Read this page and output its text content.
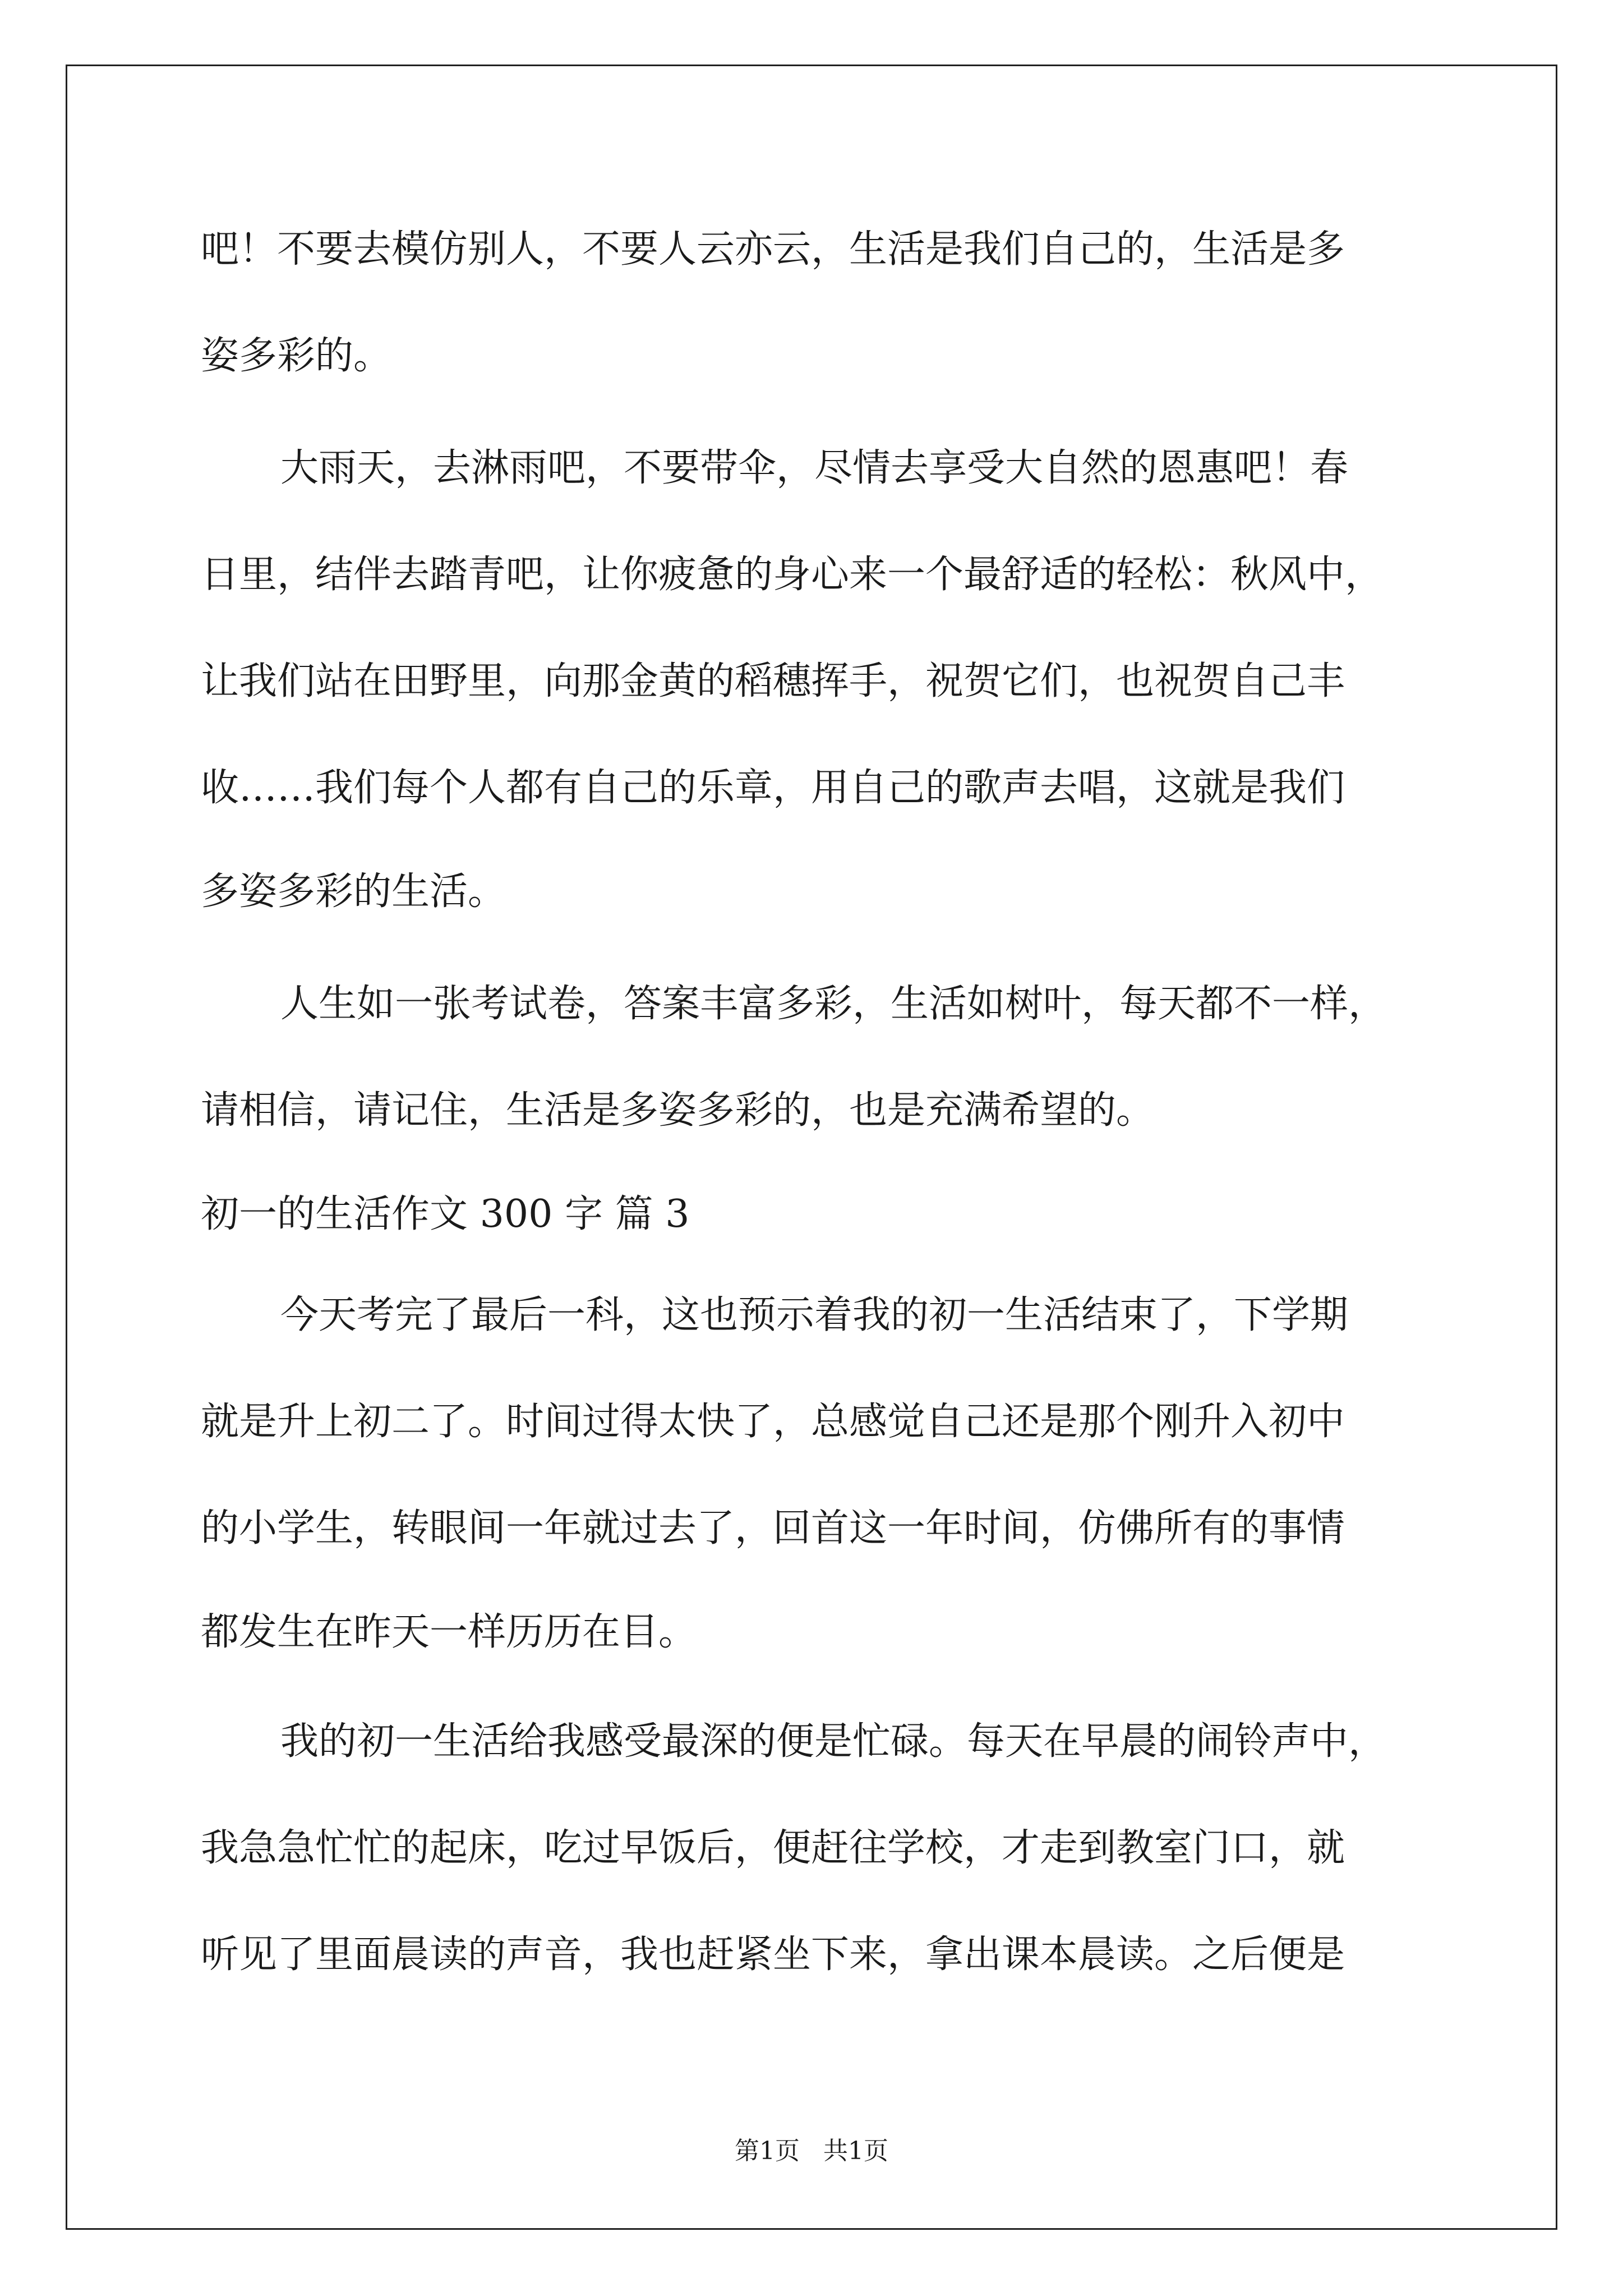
吧！不要去模仿别人，不要人云亦云，生活是我们自己的，生活是多
姿多彩的。
大雨天，去淋雨吧，不要带伞，尽情去享受大自然的恩惠吧！春
日里，结伴去踏青吧，让你疲惫的身心来一个最舒适的轻松：秋风中，
让我们站在田野里，向那金黄的稻穗挥手，祝贺它们，也祝贺自己丰
收……我们每个人都有自己的乐章，用自己的歌声去唱，这就是我们
多姿多彩的生活。
人生如一张考试卷，答案丰富多彩，生活如树叶，每天都不一样，
请相信，请记住，生活是多姿多彩的，也是充满希望的。
初一的生活作文 300 字 篇 3
今天考完了最后一科，这也预示着我的初一生活结束了，下学期
就是升上初二了。时间过得太快了，总感觉自己还是那个刚升入初中
的小学生，转眼间一年就过去了，回首这一年时间，仿佛所有的事情
都发生在昨天一样历历在目。
我的初一生活给我感受最深的便是忙碌。每天在早晨的闹铃声中，
我急急忙忙的起床，吃过早饭后，便赶往学校，才走到教室门口，就
听见了里面晨读的声音，我也赶紧坐下来，拿出课本晨读。之后便是
第1页   共1页
